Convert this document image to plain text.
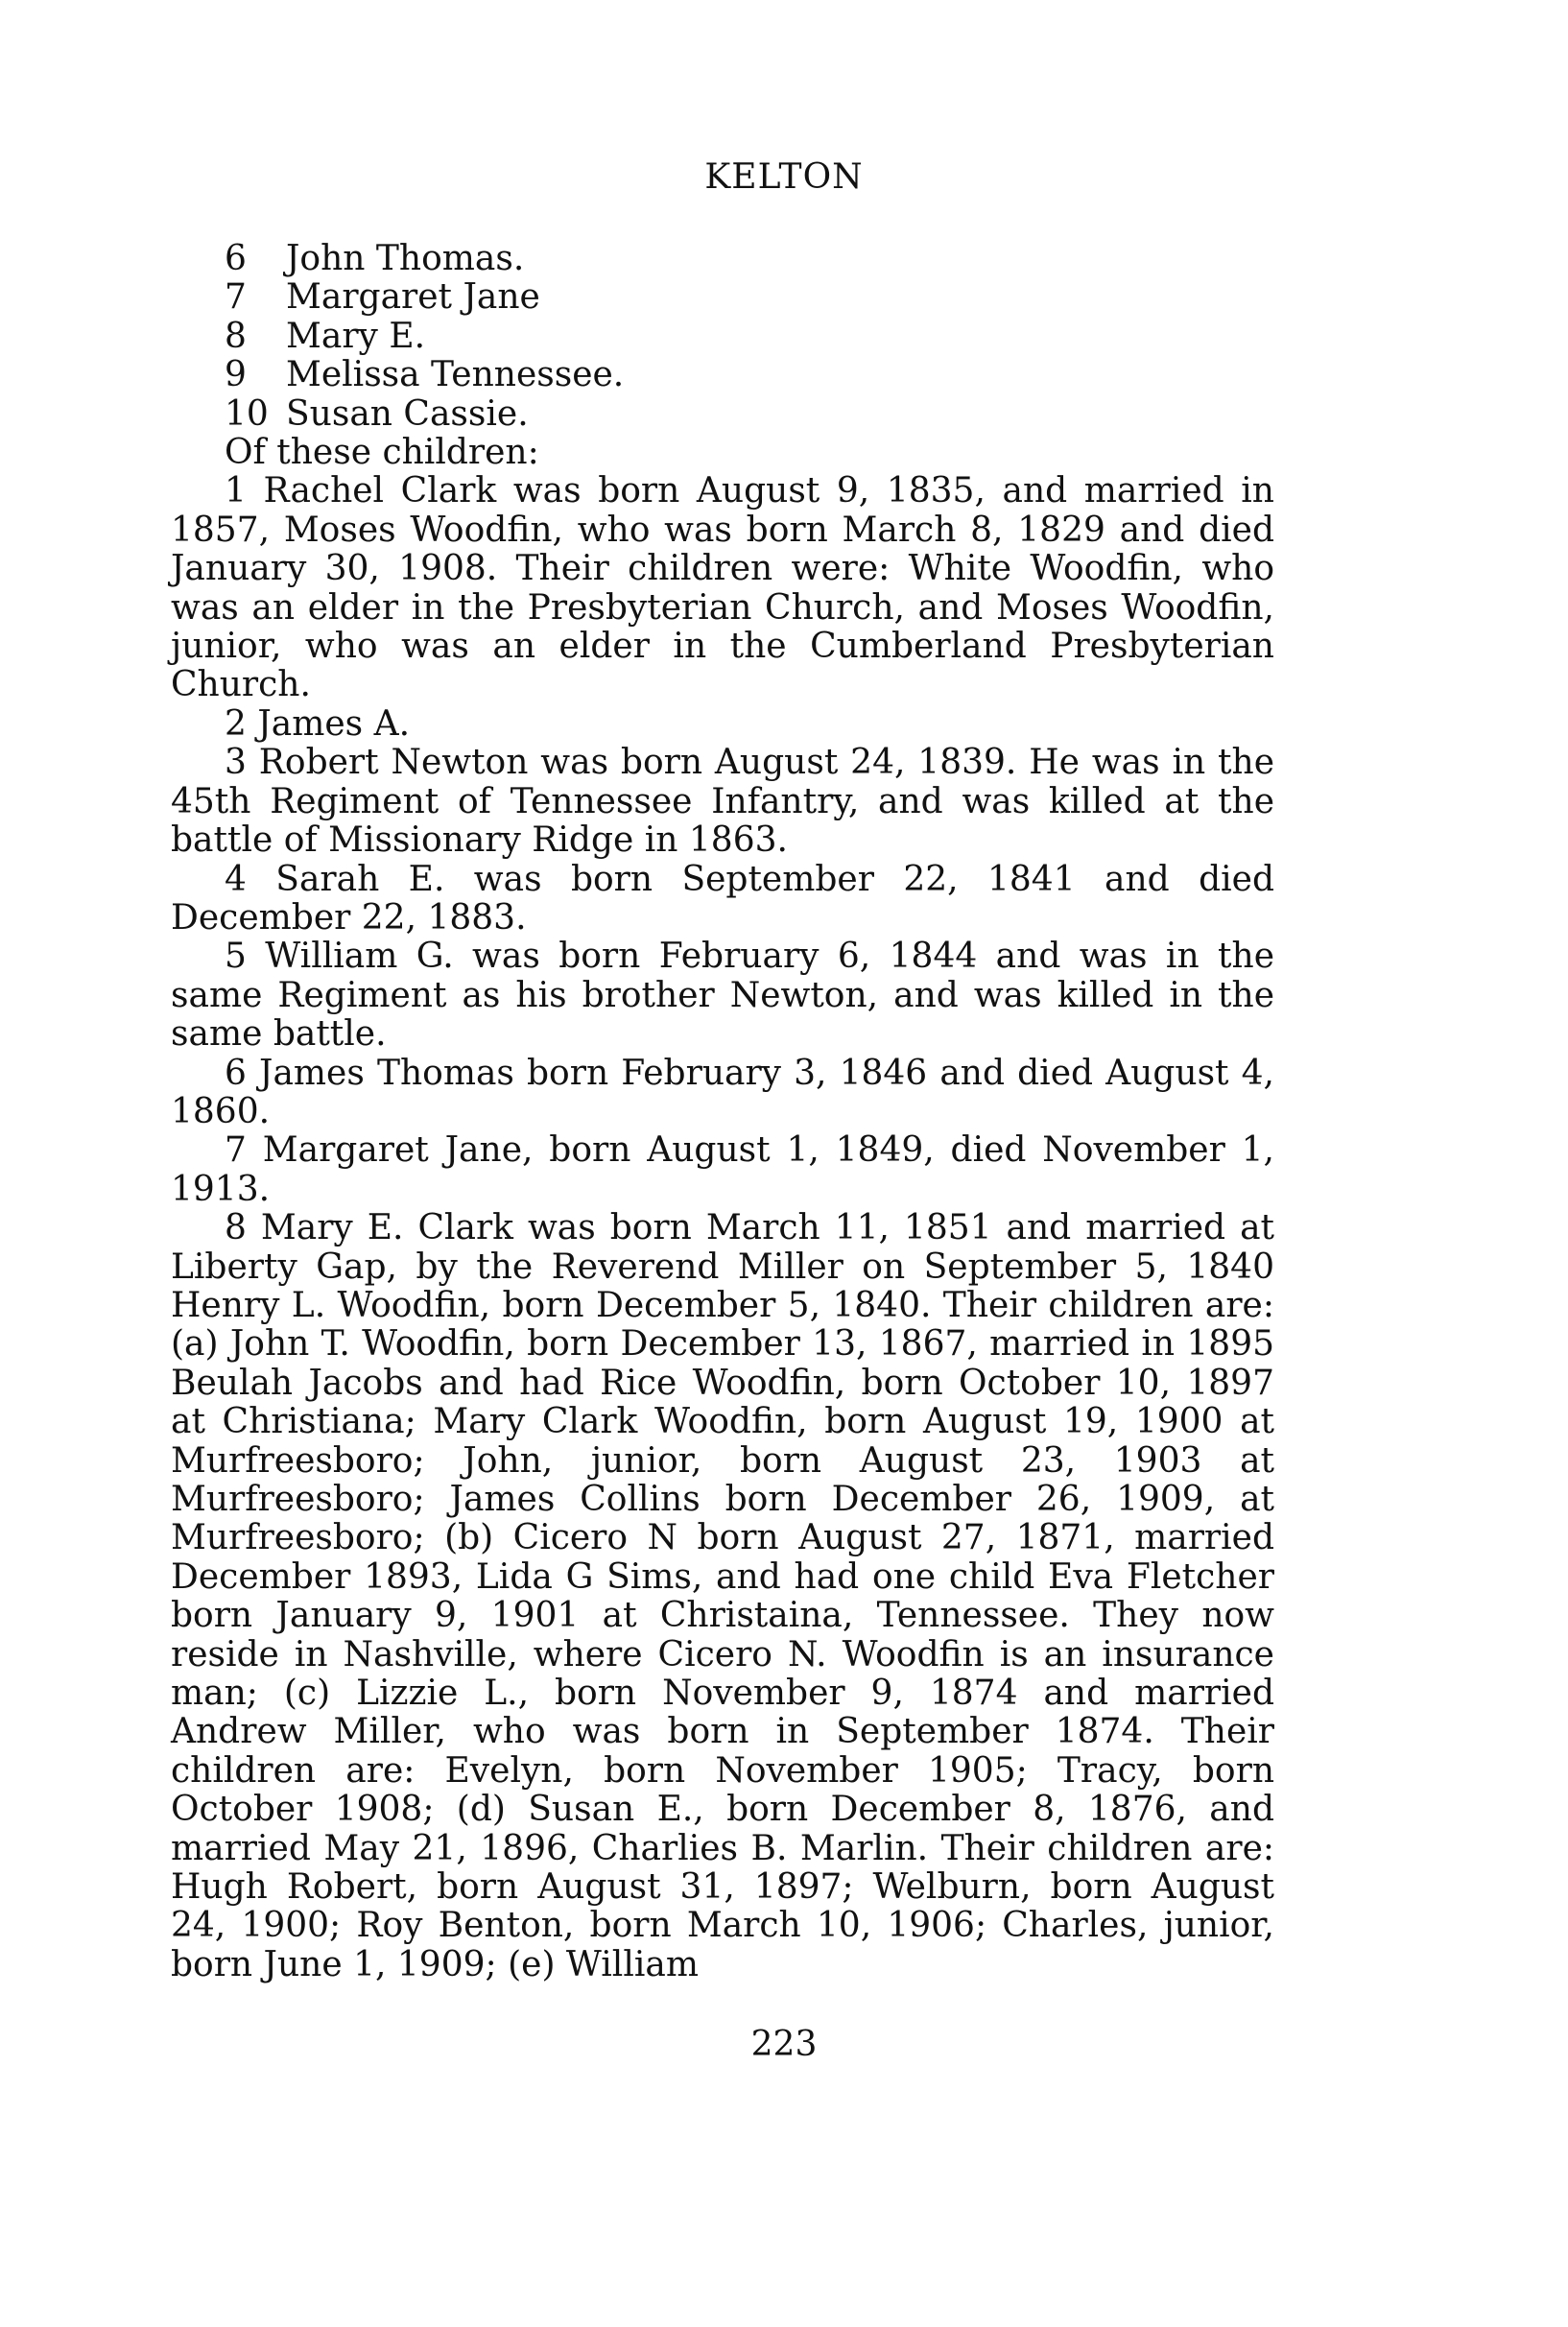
KELTON
6 John Thomas.
7 Margaret Jane
8 Mary E.
9 Melissa Tennessee.
10 Susan Cassie.
Of these children:

1 Rachel Clark was born August 9, 1835, and married in 1857, Moses Woodfin, who was born March 8, 1829 and died January 30, 1908. Their children were: White Woodfin, who was an elder in the Presbyterian Church, and Moses Woodfin, junior, who was an elder in the Cumberland Presbyterian Church.

2 James A.

3 Robert Newton was born August 24, 1839. He was in the 45th Regiment of Tennessee Infantry, and was killed at the battle of Missionary Ridge in 1863.

4 Sarah E. was born September 22, 1841 and died December 22, 1883.

5 William G. was born February 6, 1844 and was in the same Regiment as his brother Newton, and was killed in the same battle.

6 James Thomas born February 3, 1846 and died August 4, 1860.

7 Margaret Jane, born August 1, 1849, died November 1, 1913.

8 Mary E. Clark was born March 11, 1851 and married at Liberty Gap, by the Reverend Miller on September 5, 1840 Henry L. Woodfin, born December 5, 1840. Their children are: (a) John T. Woodfin, born December 13, 1867, married in 1895 Beulah Jacobs and had Rice Woodfin, born October 10, 1897 at Christiana; Mary Clark Woodfin, born August 19, 1900 at Murfreesboro; John, junior, born August 23, 1903 at Murfreesboro; James Collins born December 26, 1909, at Murfreesboro; (b) Cicero N born August 27, 1871, married December 1893, Lida G Sims, and had one child Eva Fletcher born January 9, 1901 at Christaina, Tennessee. They now reside in Nashville, where Cicero N. Woodfin is an insurance man; (c) Lizzie L., born November 9, 1874 and married Andrew Miller, who was born in September 1874. Their children are: Evelyn, born November 1905; Tracy, born October 1908; (d) Susan E., born December 8, 1876, and married May 21, 1896, Charlies B. Marlin. Their children are: Hugh Robert, born August 31, 1897; Welburn, born August 24, 1900; Roy Benton, born March 10, 1906; Charles, junior, born June 1, 1909; (e) William

223
